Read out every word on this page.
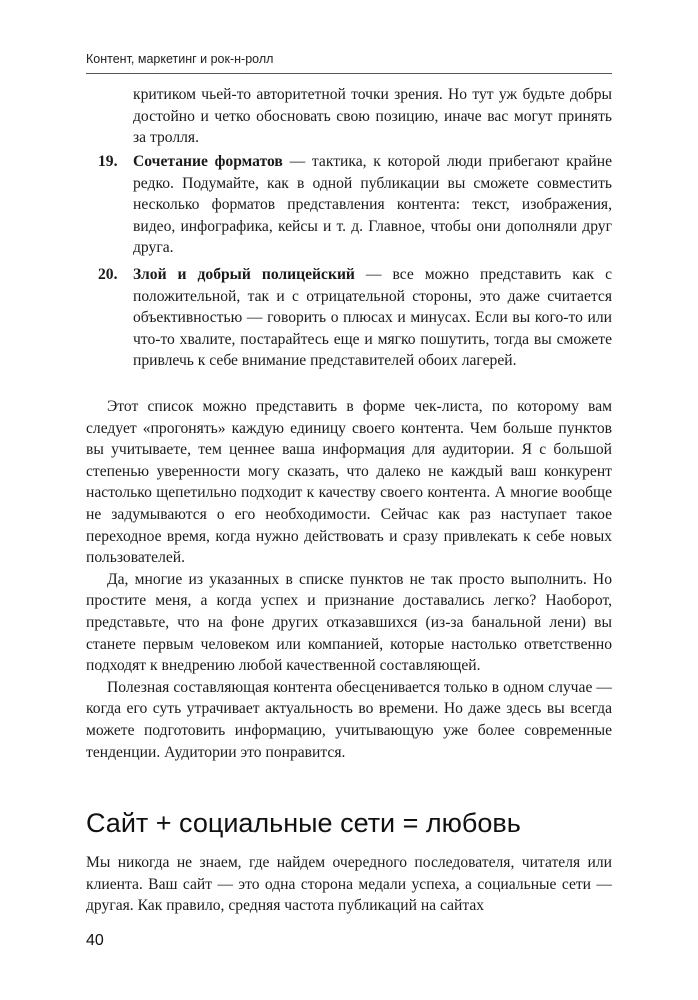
Контент, маркетинг и рок-н-ролл
критиком чьей-то авторитетной точки зрения. Но тут уж будьте добры достойно и четко обосновать свою позицию, иначе вас могут принять за тролля.
19. Сочетание форматов — тактика, к которой люди прибегают крайне редко. Подумайте, как в одной публикации вы сможете совместить несколько форматов представления контента: текст, изображения, видео, инфографика, кейсы и т. д. Главное, чтобы они дополняли друг друга.
20. Злой и добрый полицейский — все можно представить как с положительной, так и с отрицательной стороны, это даже считается объективностью — говорить о плюсах и минусах. Если вы кого-то или что-то хвалите, постарайтесь еще и мягко пошутить, тогда вы сможете привлечь к себе внимание представителей обоих лагерей.

Этот список можно представить в форме чек-листа, по которому вам следует «прогонять» каждую единицу своего контента. Чем больше пунктов вы учитываете, тем ценнее ваша информация для аудитории. Я с большой степенью уверенности могу сказать, что далеко не каждый ваш конкурент настолько щепетильно подходит к качеству своего контента. А многие вообще не задумываются о его необходимости. Сейчас как раз наступает такое переходное время, когда нужно действовать и сразу привлекать к себе новых пользователей.

Да, многие из указанных в списке пунктов не так просто выполнить. Но простите меня, а когда успех и признание доставались легко? Наоборот, представьте, что на фоне других отказавшихся (из-за банальной лени) вы станете первым человеком или компанией, которые настолько ответственно подходят к внедрению любой качественной составляющей.

Полезная составляющая контента обесценивается только в одном случае — когда его суть утрачивает актуальность во времени. Но даже здесь вы всегда можете подготовить информацию, учитывающую уже более современные тенденции. Аудитории это понравится.

Сайт + социальные сети = любовь

Мы никогда не знаем, где найдем очередного последователя, читателя или клиента. Ваш сайт — это одна сторона медали успеха, а социальные сети — другая. Как правило, средняя частота публикаций на сайтах

40
